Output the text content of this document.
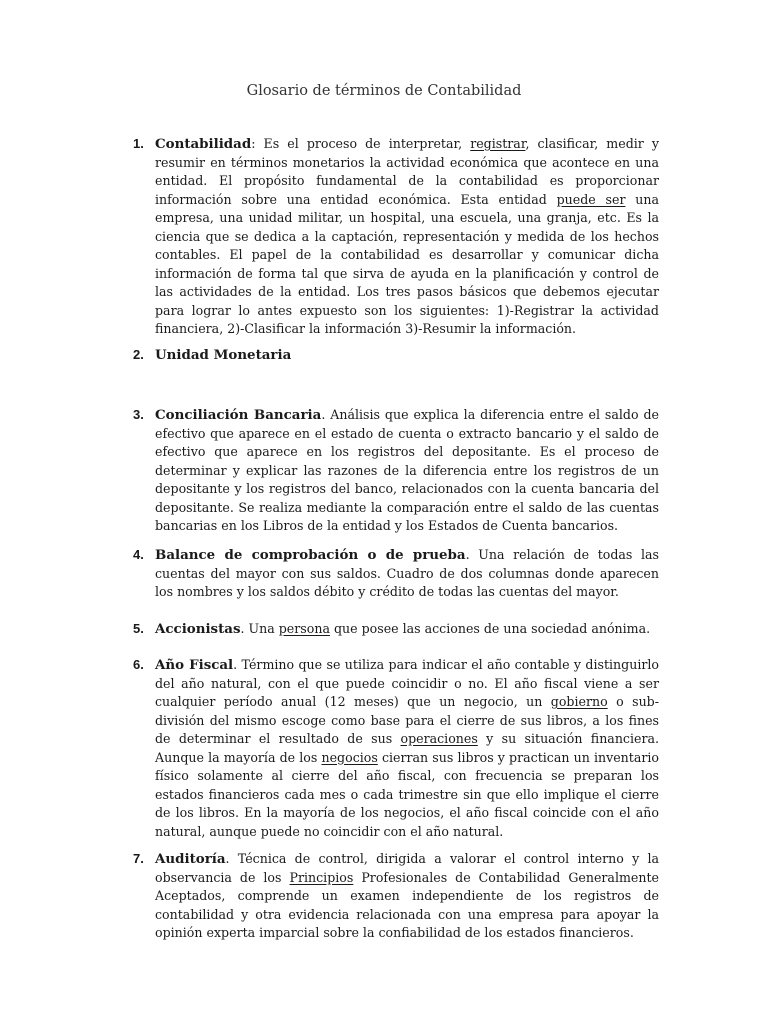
Glosario de términos de Contabilidad
1. Contabilidad: Es el proceso de interpretar, registrar, clasificar, medir y resumir en términos monetarios la actividad económica que acontece en una entidad. El propósito fundamental de la contabilidad es proporcionar información sobre una entidad económica. Esta entidad puede ser una empresa, una unidad militar, un hospital, una escuela, una granja, etc. Es la ciencia que se dedica a la captación, representación y medida de los hechos contables. El papel de la contabilidad es desarrollar y comunicar dicha información de forma tal que sirva de ayuda en la planificación y control de las actividades de la entidad. Los tres pasos básicos que debemos ejecutar para lograr lo antes expuesto son los siguientes: 1)-Registrar la actividad financiera, 2)-Clasificar la información 3)-Resumir la información.

2. Unidad Monetaria

3. Conciliación Bancaria. Análisis que explica la diferencia entre el saldo de efectivo que aparece en el estado de cuenta o extracto bancario y el saldo de efectivo que aparece en los registros del depositante. Es el proceso de determinar y explicar las razones de la diferencia entre los registros de un depositante y los registros del banco, relacionados con la cuenta bancaria del depositante. Se realiza mediante la comparación entre el saldo de las cuentas bancarias en los Libros de la entidad y los Estados de Cuenta bancarios.

4. Balance de comprobación o de prueba. Una relación de todas las cuentas del mayor con sus saldos. Cuadro de dos columnas donde aparecen los nombres y los saldos débito y crédito de todas las cuentas del mayor.

5. Accionistas. Una persona que posee las acciones de una sociedad anónima.

6. Año Fiscal. Término que se utiliza para indicar el año contable y distinguirlo del año natural, con el que puede coincidir o no. El año fiscal viene a ser cualquier período anual (12 meses) que un negocio, un gobierno o sub-división del mismo escoge como base para el cierre de sus libros, a los fines de determinar el resultado de sus operaciones y su situación financiera. Aunque la mayoría de los negocios cierran sus libros y practican un inventario físico solamente al cierre del año fiscal, con frecuencia se preparan los estados financieros cada mes o cada trimestre sin que ello implique el cierre de los libros. En la mayoría de los negocios, el año fiscal coincide con el año natural, aunque puede no coincidir con el año natural.

7. Auditoría. Técnica de control, dirigida a valorar el control interno y la observancia de los Principios Profesionales de Contabilidad Generalmente Aceptados, comprende un examen independiente de los registros de contabilidad y otra evidencia relacionada con una empresa para apoyar la opinión experta imparcial sobre la confiabilidad de los estados financieros.
